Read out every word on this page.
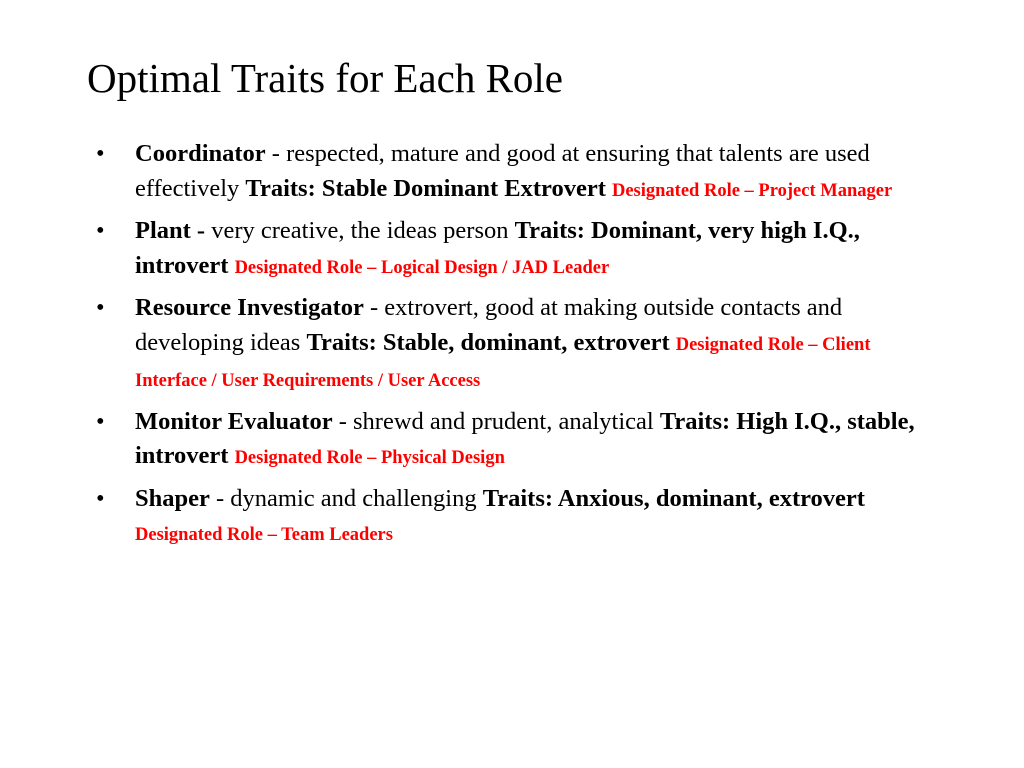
Optimal Traits for Each Role
• Coordinator - respected, mature and good at ensuring that talents are used effectively Traits: Stable Dominant Extrovert Designated Role – Project Manager
• Plant - very creative, the ideas person Traits: Dominant, very high I.Q., introvert Designated Role – Logical Design / JAD Leader
• Resource Investigator - extrovert, good at making outside contacts and developing ideas Traits: Stable, dominant, extrovert Designated Role – Client Interface / User Requirements / User Access
• Monitor Evaluator - shrewd and prudent, analytical Traits: High I.Q., stable, introvert Designated Role – Physical Design
• Shaper - dynamic and challenging Traits: Anxious, dominant, extrovert Designated Role – Team Leaders
